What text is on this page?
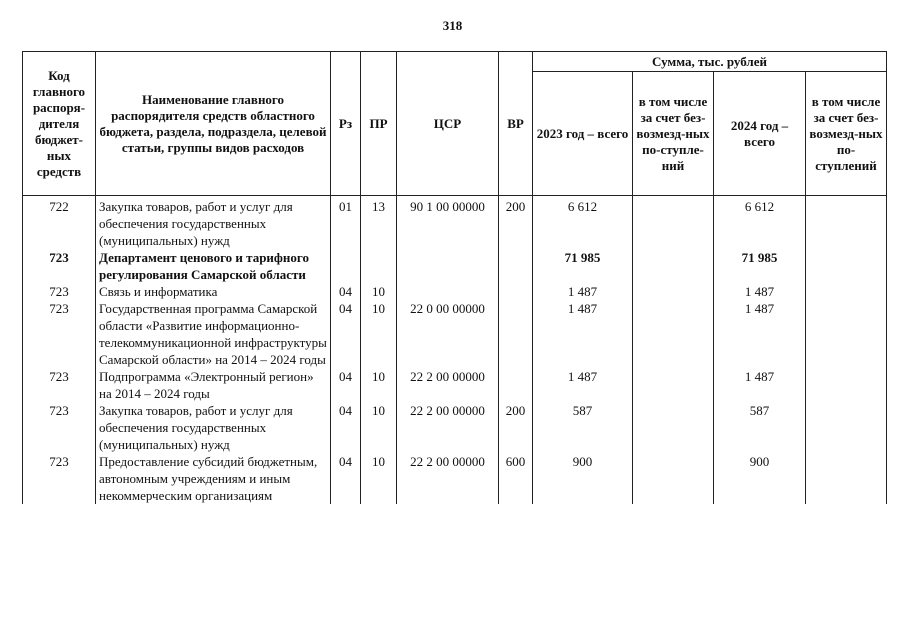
318
Код главного распоря-дителя бюджет-ных средств	Наименование главного распорядителя средств областного бюджета, раздела, подраздела, целевой статьи, группы видов расходов	Рз	ПР	ЦСР	ВР	Сумма, тыс. рублей			
						2023 год – всего	в том числе за счет без-возмезд-ных по-ступле-ний	2024 год – всего	в том числе за счет без-возмезд-ных по-ступлений
722	Закупка товаров, работ и услуг для обеспечения государственных (муниципальных) нужд	01	13	90 1 00 00000	200	6 612		6 612	
723	Департамент ценового и тарифного регулирования Самарской области					71 985		71 985	
723	Связь и информатика	04	10			1 487		1 487	
723	Государственная программа Самарской области «Развитие информационно-телекоммуникационной инфраструктуры Самарской области» на 2014 – 2024 годы	04	10	22 0 00 00000		1 487		1 487	
723	Подпрограмма «Электронный регион» на 2014 – 2024 годы	04	10	22 2 00 00000		1 487		1 487	
723	Закупка товаров, работ и услуг для обеспечения государственных (муниципальных) нужд	04	10	22 2 00 00000	200	587		587	
723	Предоставление субсидий бюджетным, автономным учреждениям и иным некоммерческим организациям	04	10	22 2 00 00000	600	900		900	
